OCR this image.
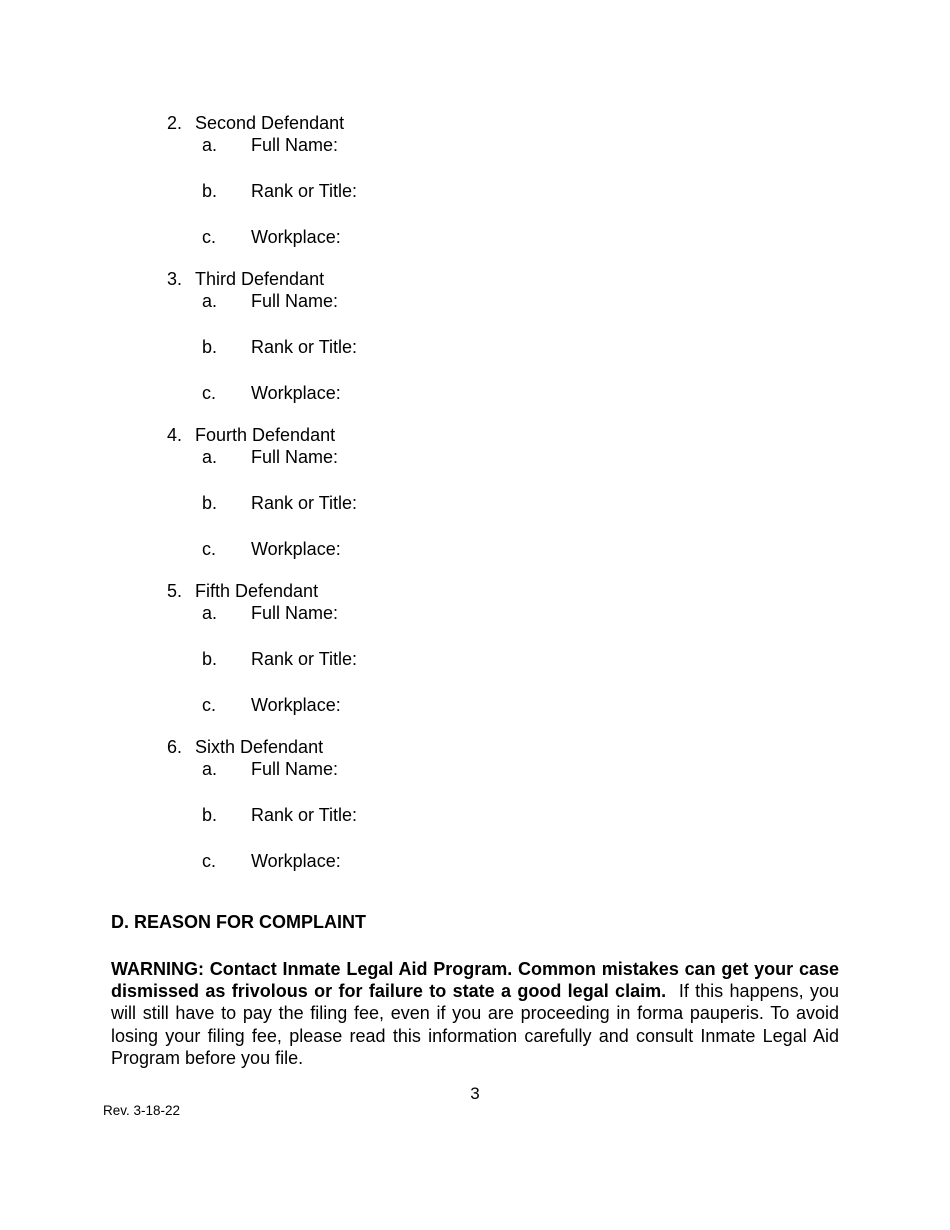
2. Second Defendant
a.	Full Name:
b.	Rank or Title:
c.	Workplace:
3. Third Defendant
a.	Full Name:
b.	Rank or Title:
c.	Workplace:
4. Fourth Defendant
a.	Full Name:
b.	Rank or Title:
c.	Workplace:
5. Fifth Defendant
a.	Full Name:
b.	Rank or Title:
c.	Workplace:
6. Sixth Defendant
a.	Full Name:
b.	Rank or Title:
c.	Workplace:
D. REASON FOR COMPLAINT

WARNING: Contact Inmate Legal Aid Program. Common mistakes can get your case dismissed as frivolous or for failure to state a good legal claim. If this happens, you will still have to pay the filing fee, even if you are proceeding in forma pauperis. To avoid losing your filing fee, please read this information carefully and consult Inmate Legal Aid Program before you file.

3
Rev. 3-18-22
